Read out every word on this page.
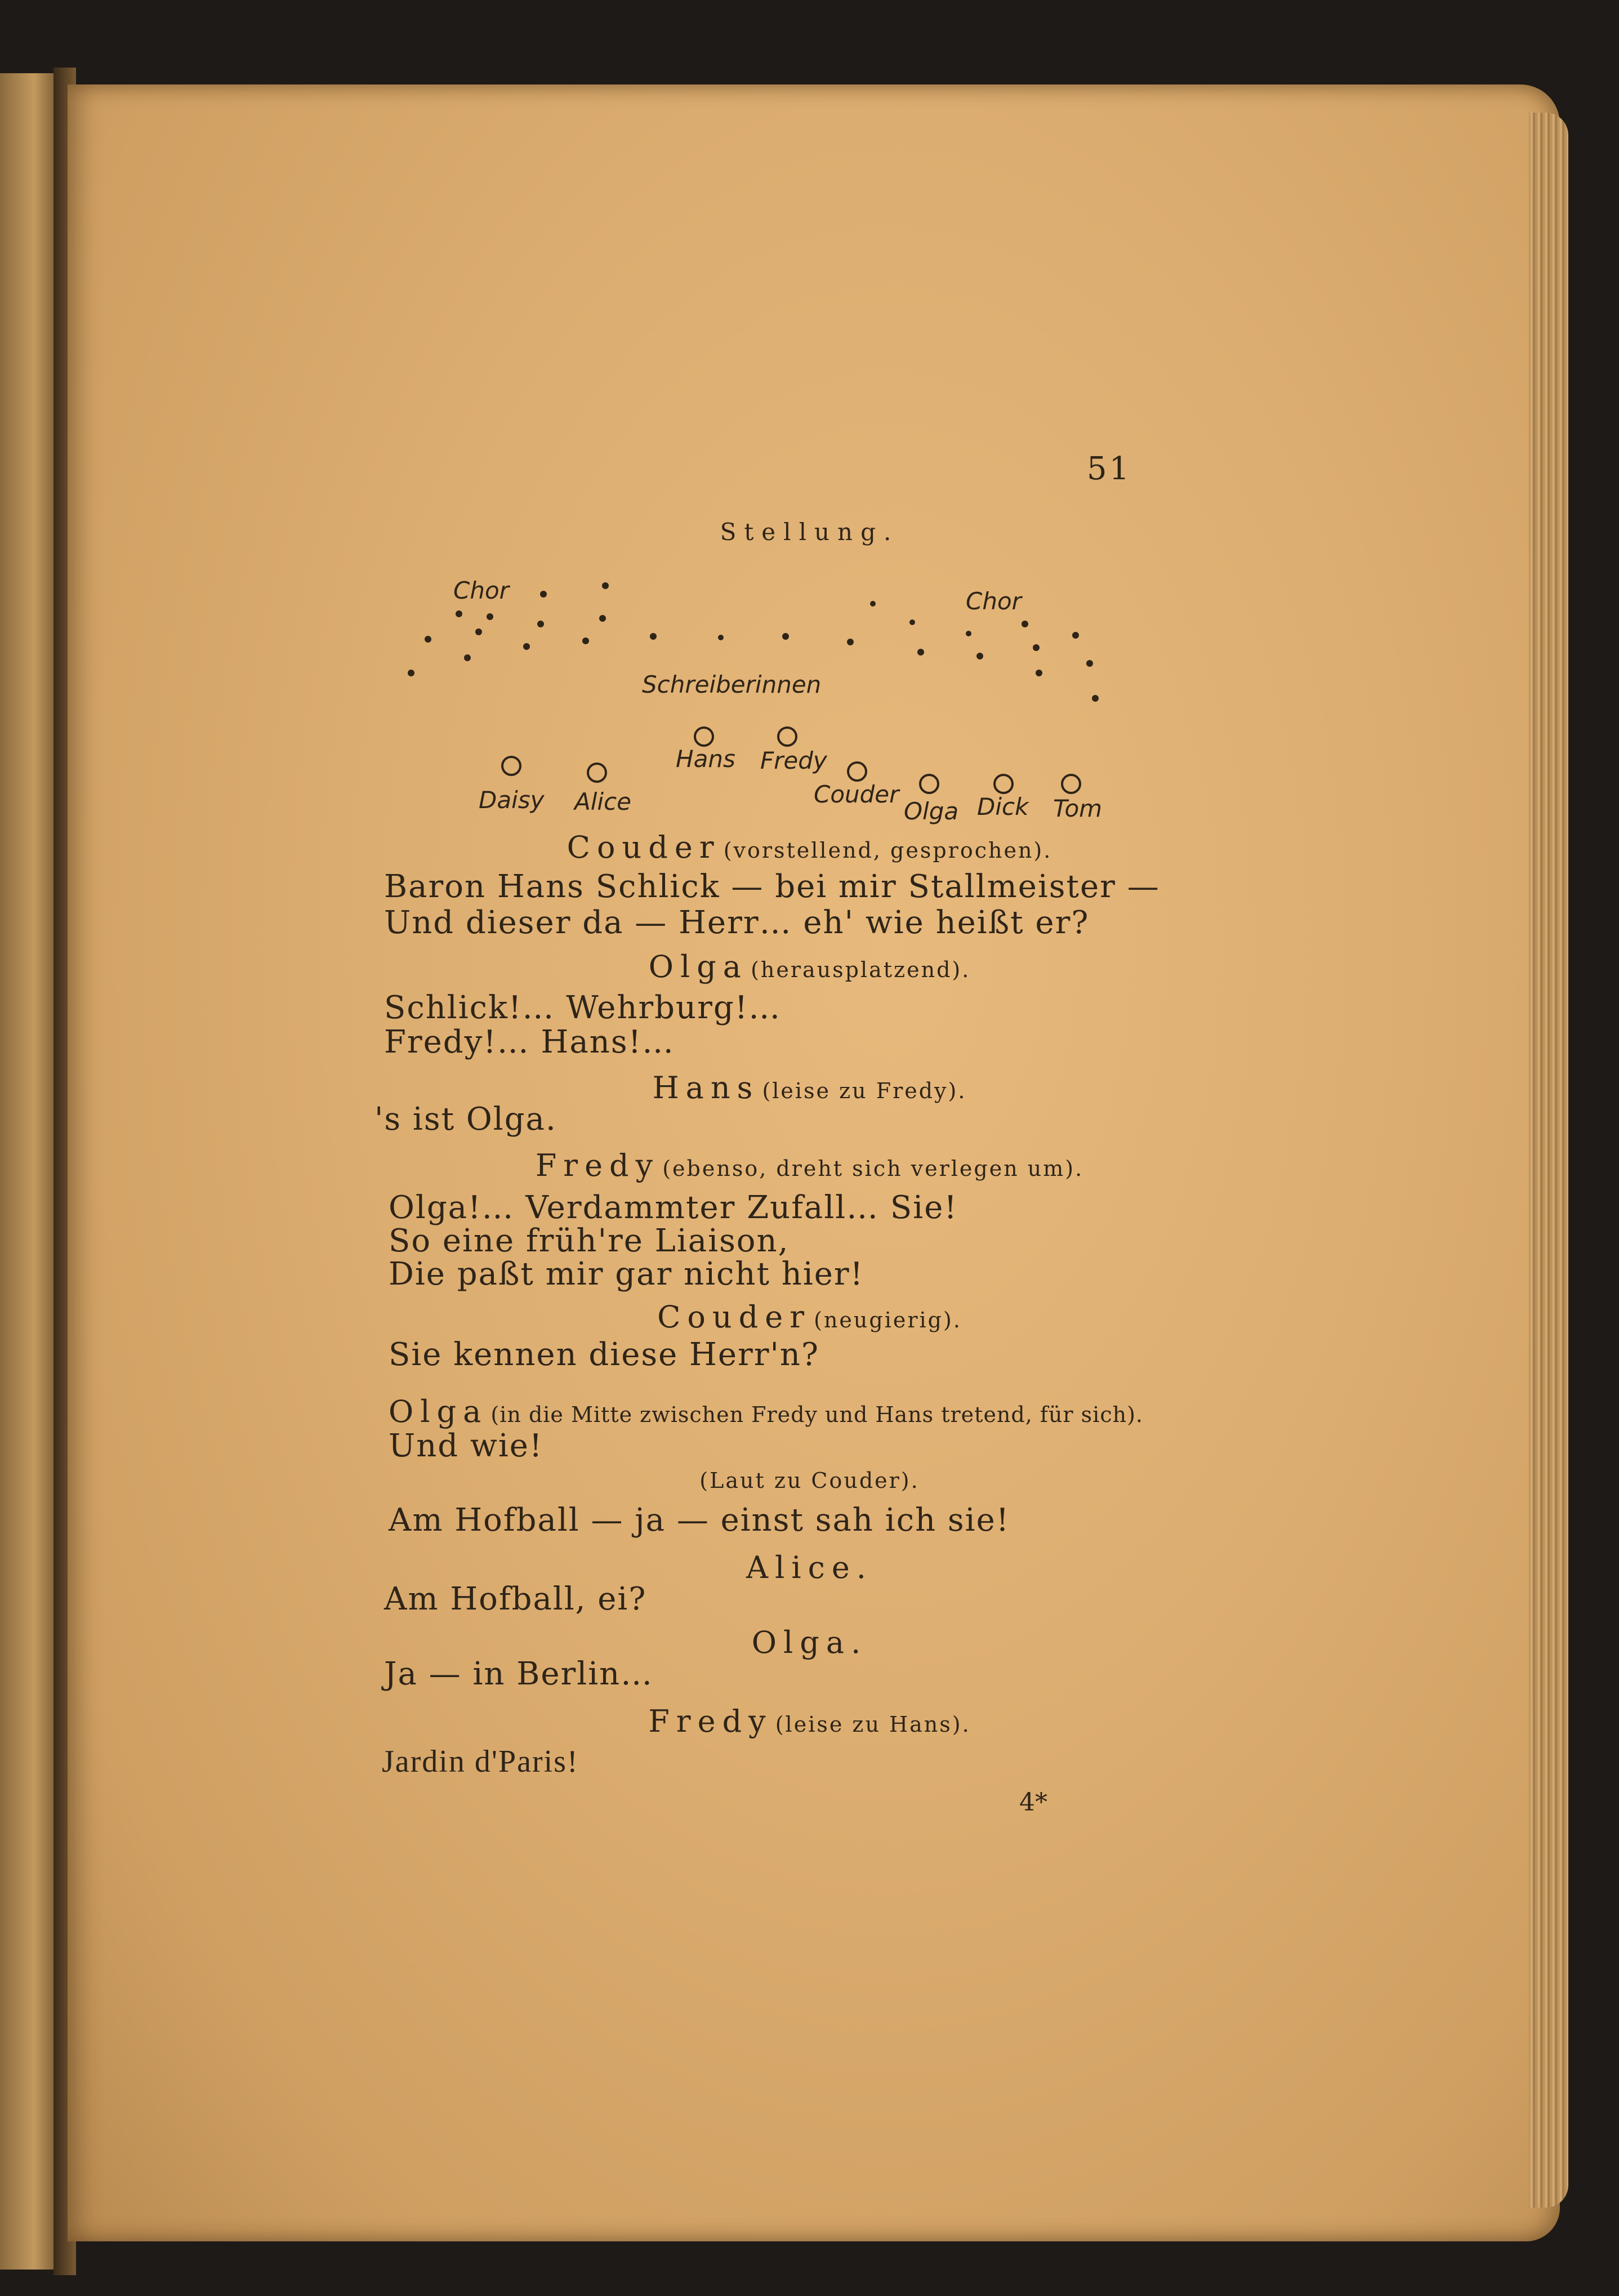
51
Stellung.
Chor	Chor
Schreiberinnen
Hans Fredy
Daisy Alice	Couder
Olga Dick Tom
Couder (vorstellend, gesprochen).
Baron Hans Schlick — bei mir Stallmeister —
Und dieser da — Herr… eh' wie heißt er?
Olga (herausplatzend).
Schlick!… Wehrburg!…
Fredy!… Hans!…
Hans (leise zu Fredy).
's ist Olga.
Fredy (ebenso, dreht sich verlegen um).
Olga!… Verdammter Zufall… Sie!
So eine früh're Liaison,
Die paßt mir gar nicht hier!
Couder (neugierig).
Sie kennen diese Herr'n?
Olga (in die Mitte zwischen Fredy und Hans tretend, für sich).
Und wie!
(Laut zu Couder).
Am Hofball — ja — einst sah ich sie!
Alice.
Am Hofball, ei?
Olga.
Ja — in Berlin…
Fredy (leise zu Hans).
Jardin d'Paris!
4*
